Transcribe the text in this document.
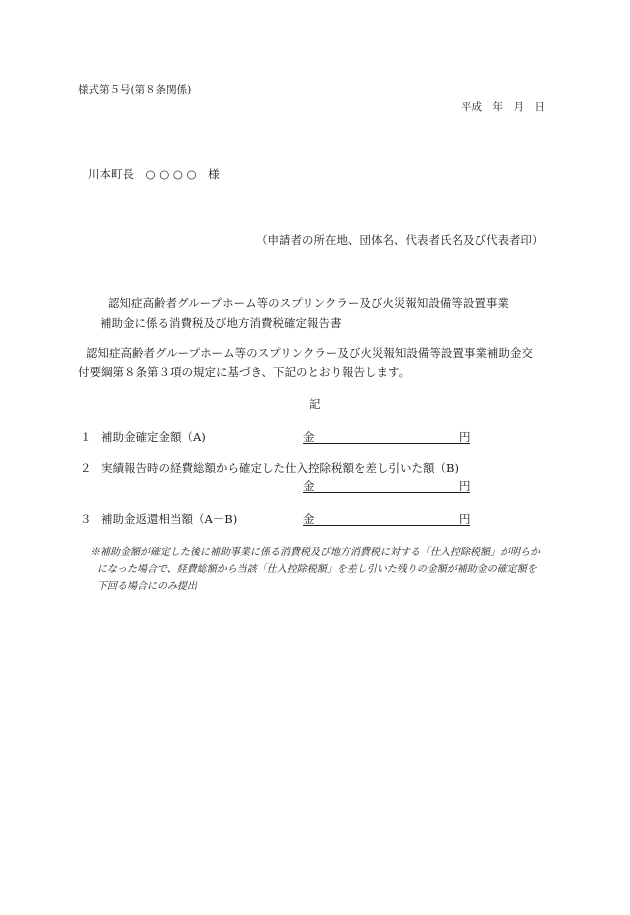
様式第５号(第８条関係)
平成　年　月　日
川本町長　○ ○ ○ ○　様
（申請者の所在地、団体名、代表者氏名及び代表者印）
認知症高齢者グループホーム等のスプリンクラー及び火災報知設備等設置事業
補助金に係る消費税及び地方消費税確定報告書
認知症高齢者グループホーム等のスプリンクラー及び火災報知設備等設置事業補助金交
付要綱第８条第３項の規定に基づき、下記のとおり報告します。
記
１ 補助金確定金額（A)	金	円
２ 実績報告時の経費総額から確定した仕入控除税額を差し引いた額（B)
金	円
３ 補助金返還相当額（A－B)	金	円
※補助金額が確定した後に補助事業に係る消費税及び地方消費税に対する「仕入控除税額」が明らか
になった場合で、経費総額から当該「仕入控除税額」を差し引いた残りの金額が補助金の確定額を
下回る場合にのみ提出
